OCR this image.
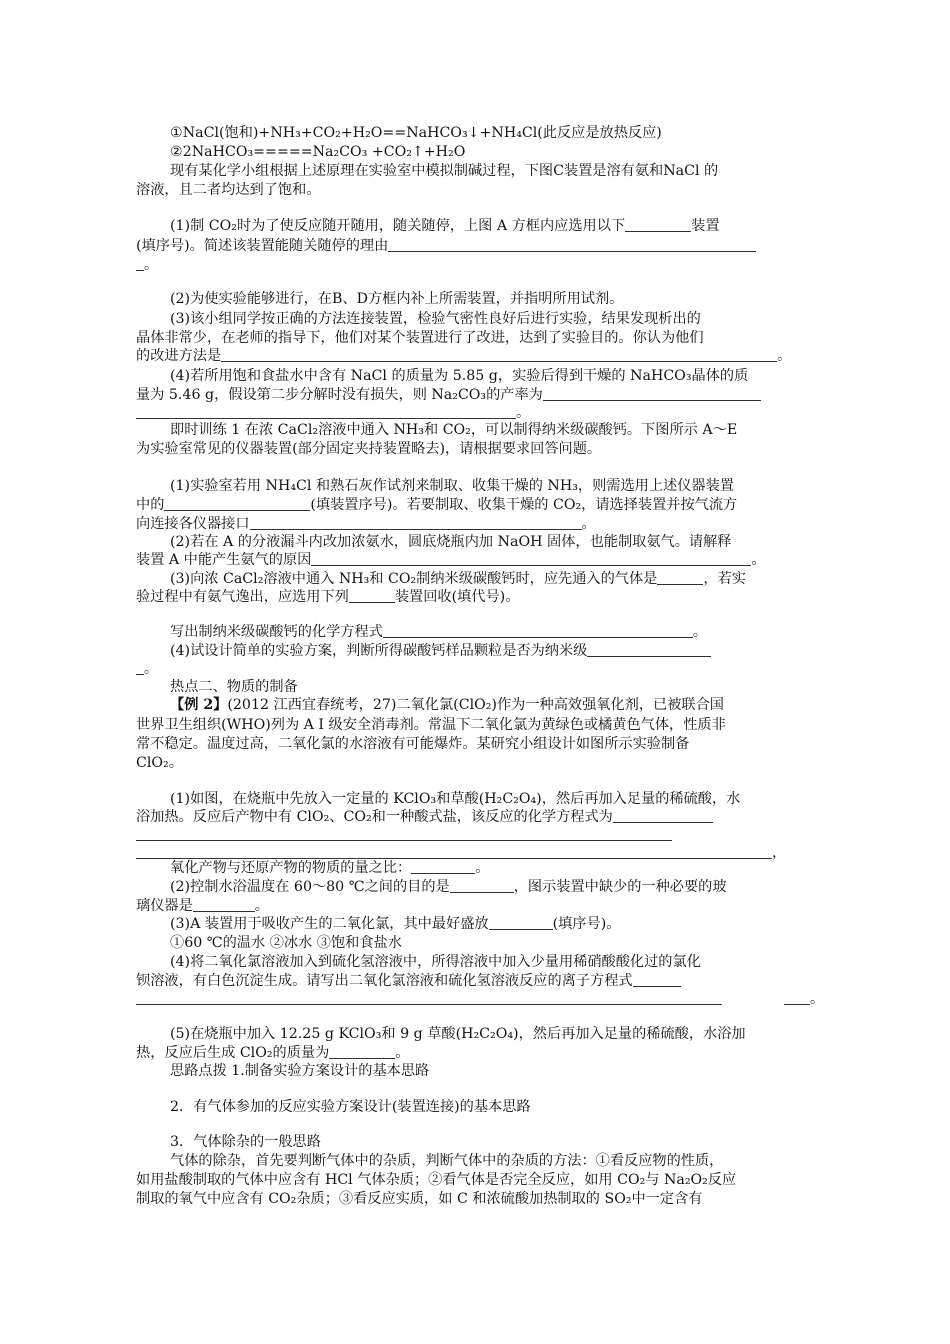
①NaCl(饱和)+NH₃+CO₂+H₂O==NaHCO₃↓+NH₄Cl(此反应是放热反应)
②2NaHCO₃=====Na₂CO₃ +CO₂↑+H₂O
现有某化学小组根据上述原理在实验室中模拟制碱过程，下图C装置是溶有氨和NaCl 的
溶液，且二者均达到了饱和。
(1)制 CO₂时为了使反应随开随用，随关随停，上图 A 方框内应选用以下	装置
(填序号)。简述该装置能随关随停的理由
。
(2)为使实验能够进行，在B、D方框内补上所需装置，并指明所用试剂。
(3)该小组同学按正确的方法连接装置，检验气密性良好后进行实验，结果发现析出的
晶体非常少，在老师的指导下，他们对某个装置进行了改进，达到了实验目的。你认为他们
的改进方法是	。
(4)若所用饱和食盐水中含有 NaCl 的质量为 5.85 g，实验后得到干燥的 NaHCO₃晶体的质
量为 5.46 g，假设第二步分解时没有损失，则 Na₂CO₃的产率为
。
即时训练 1 在浓 CaCl₂溶液中通入 NH₃和 CO₂，可以制得纳米级碳酸钙。下图所示 A～E
为实验室常见的仪器装置(部分固定夹持装置略去)，请根据要求回答问题。
(1)实验室若用 NH₄Cl 和熟石灰作试剂来制取、收集干燥的 NH₃，则需选用上述仪器装置
中的	(填装置序号)。若要制取、收集干燥的 CO₂，请选择装置并按气流方
向连接各仪器接口	。
(2)若在 A 的分液漏斗内改加浓氨水，圆底烧瓶内加 NaOH 固体，也能制取氨气。请解释
装置 A 中能产生氨气的原因	。
(3)向浓 CaCl₂溶液中通入 NH₃和 CO₂制纳米级碳酸钙时，应先通入的气体是	，若实
验过程中有氨气逸出，应选用下列	装置回收(填代号)。
写出制纳米级碳酸钙的化学方程式	。
(4)试设计简单的实验方案，判断所得碳酸钙样品颗粒是否为纳米级
。
热点二、物质的制备
【例 2】(2012 江西宜春统考，27)二氧化氯(ClO₂)作为一种高效强氧化剂，已被联合国
世界卫生组织(WHO)列为 A Ⅰ 级安全消毒剂。常温下二氧化氯为黄绿色或橘黄色气体，性质非
常不稳定。温度过高，二氧化氯的水溶液有可能爆炸。某研究小组设计如图所示实验制备
ClO₂。
(1)如图，在烧瓶中先放入一定量的 KClO₃和草酸(H₂C₂O₄)，然后再加入足量的稀硫酸，水
浴加热。反应后产物中有 ClO₂、CO₂和一种酸式盐，该反应的化学方程式为
，
氧化产物与还原产物的物质的量之比：	。
(2)控制水浴温度在 60～80 ℃之间的目的是	，图示装置中缺少的一种必要的玻
璃仪器是	。
(3)A 装置用于吸收产生的二氧化氯，其中最好盛放	(填序号)。
①60 ℃的温水 ②冰水 ③饱和食盐水
(4)将二氧化氯溶液加入到硫化氢溶液中，所得溶液中加入少量用稀硝酸酸化过的氯化
钡溶液，有白色沉淀生成。请写出二氧化氯溶液和硫化氢溶液反应的离子方程式
。
(5)在烧瓶中加入 12.25 g KClO₃和 9 g 草酸(H₂C₂O₄)，然后再加入足量的稀硫酸，水浴加
热，反应后生成 ClO₂的质量为	。
思路点拨 1.制备实验方案设计的基本思路
2．有气体参加的反应实验方案设计(装置连接)的基本思路
3．气体除杂的一般思路
气体的除杂，首先要判断气体中的杂质，判断气体中的杂质的方法：①看反应物的性质，
如用盐酸制取的气体中应含有 HCl 气体杂质；②看气体是否完全反应，如用 CO₂与 Na₂O₂反应
制取的氧气中应含有 CO₂杂质；③看反应实质，如 C 和浓硫酸加热制取的 SO₂中一定含有
